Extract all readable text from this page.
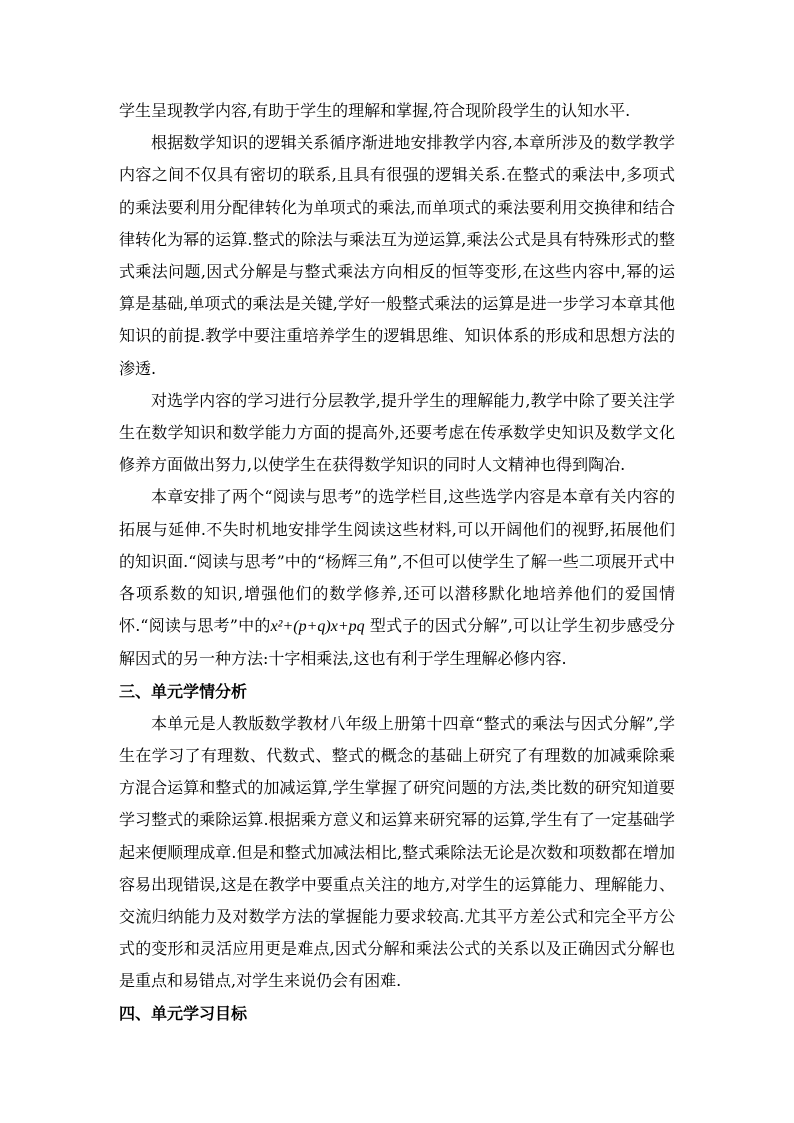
学生呈现教学内容,有助于学生的理解和掌握,符合现阶段学生的认知水平.

根据数学知识的逻辑关系循序渐进地安排教学内容,本章所涉及的数学教学内容之间不仅具有密切的联系,且具有很强的逻辑关系.在整式的乘法中,多项式的乘法要利用分配律转化为单项式的乘法,而单项式的乘法要利用交换律和结合律转化为幂的运算.整式的除法与乘法互为逆运算,乘法公式是具有特殊形式的整式乘法问题,因式分解是与整式乘法方向相反的恒等变形,在这些内容中,幂的运算是基础,单项式的乘法是关键,学好一般整式乘法的运算是进一步学习本章其他知识的前提.教学中要注重培养学生的逻辑思维、知识体系的形成和思想方法的渗透.

对选学内容的学习进行分层教学,提升学生的理解能力,教学中除了要关注学生在数学知识和数学能力方面的提高外,还要考虑在传承数学史知识及数学文化修养方面做出努力,以使学生在获得数学知识的同时人文精神也得到陶冶.

本章安排了两个“阅读与思考”的选学栏目,这些选学内容是本章有关内容的拓展与延伸.不失时机地安排学生阅读这些材料,可以开阔他们的视野,拓展他们的知识面.“阅读与思考”中的“杨辉三角”,不但可以使学生了解一些二项展开式中各项系数的知识,增强他们的数学修养,还可以潜移默化地培养他们的爱国情怀.“阅读与思考”中的x²+(p+q)x+pq 型式子的因式分解”,可以让学生初步感受分解因式的另一种方法:十字相乘法,这也有利于学生理解必修内容.

三、单元学情分析

本单元是人教版数学教材八年级上册第十四章“整式的乘法与因式分解”,学生在学习了有理数、代数式、整式的概念的基础上研究了有理数的加减乘除乘方混合运算和整式的加减运算,学生掌握了研究问题的方法,类比数的研究知道要学习整式的乘除运算.根据乘方意义和运算来研究幂的运算,学生有了一定基础学起来便顺理成章.但是和整式加减法相比,整式乘除法无论是次数和项数都在增加容易出现错误,这是在教学中要重点关注的地方,对学生的运算能力、理解能力、交流归纳能力及对数学方法的掌握能力要求较高.尤其平方差公式和完全平方公式的变形和灵活应用更是难点,因式分解和乘法公式的关系以及正确因式分解也是重点和易错点,对学生来说仍会有困难.

四、单元学习目标
